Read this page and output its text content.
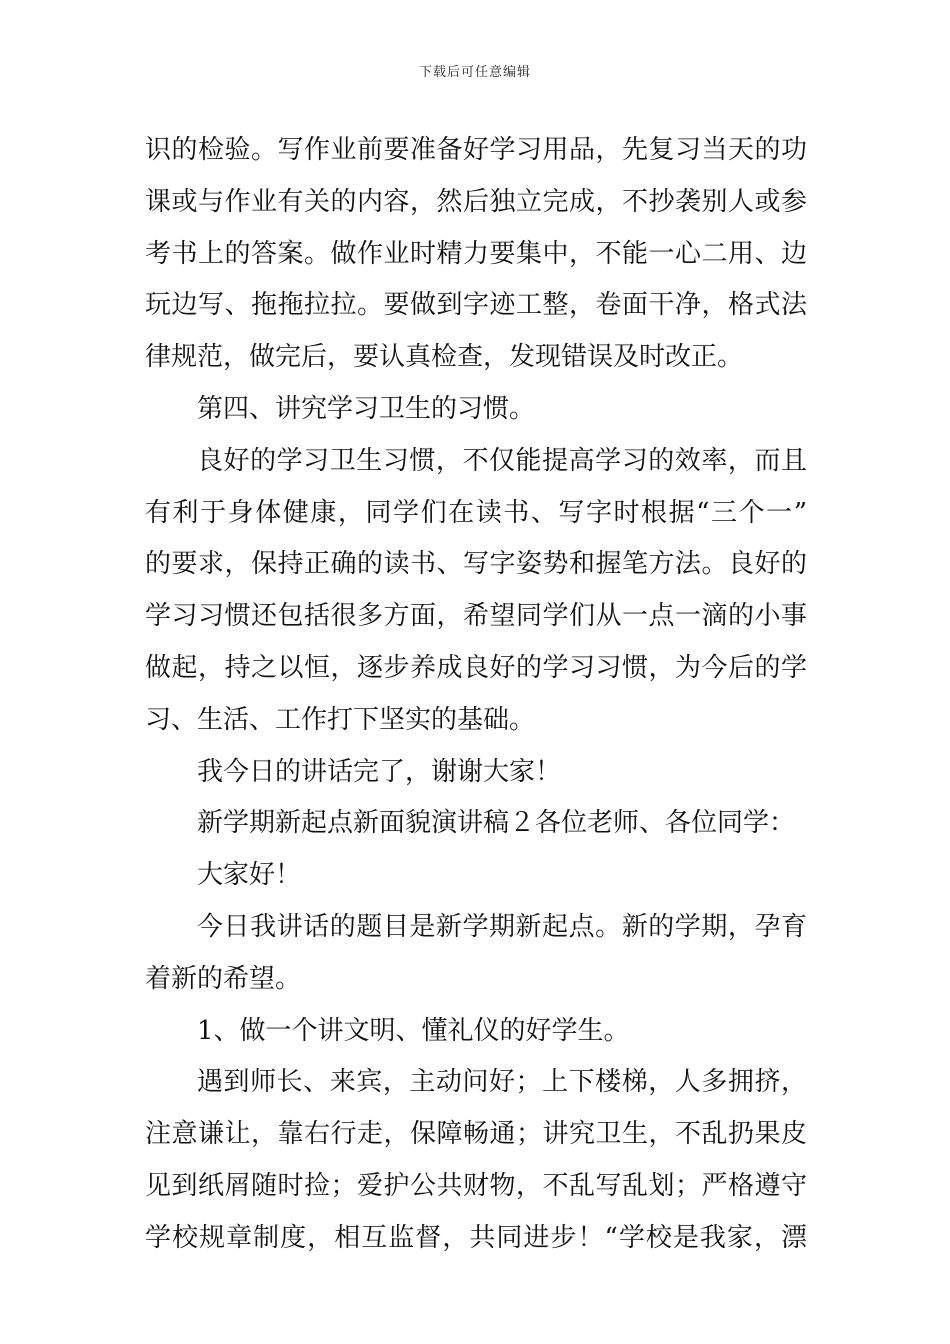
下载后可任意编辑
识的检验。写作业前要准备好学习用品，先复习当天的功
课或与作业有关的内容，然后独立完成，不抄袭别人或参
考书上的答案。做作业时精力要集中，不能一心二用、边
玩边写、拖拖拉拉。要做到字迹工整，卷面干净，格式法
律规范，做完后，要认真检查，发现错误及时改正。
第四、讲究学习卫生的习惯。
良好的学习卫生习惯，不仅能提高学习的效率，而且
有利于身体健康，同学们在读书、写字时根据“三个一”
的要求，保持正确的读书、写字姿势和握笔方法。良好的
学习习惯还包括很多方面，希望同学们从一点一滴的小事
做起，持之以恒，逐步养成良好的学习习惯，为今后的学
习、生活、工作打下坚实的基础。
我今日的讲话完了，谢谢大家！
新学期新起点新面貌演讲稿２各位老师、各位同学：
大家好！
今日我讲话的题目是新学期新起点。新的学期，孕育
着新的希望。
1、做一个讲文明、懂礼仪的好学生。
遇到师长、来宾，主动问好；上下楼梯，人多拥挤，
注意谦让，靠右行走，保障畅通；讲究卫生，不乱扔果皮
见到纸屑随时捡；爱护公共财物，不乱写乱划；严格遵守
学校规章制度，相互监督，共同进步！“学校是我家，漂
